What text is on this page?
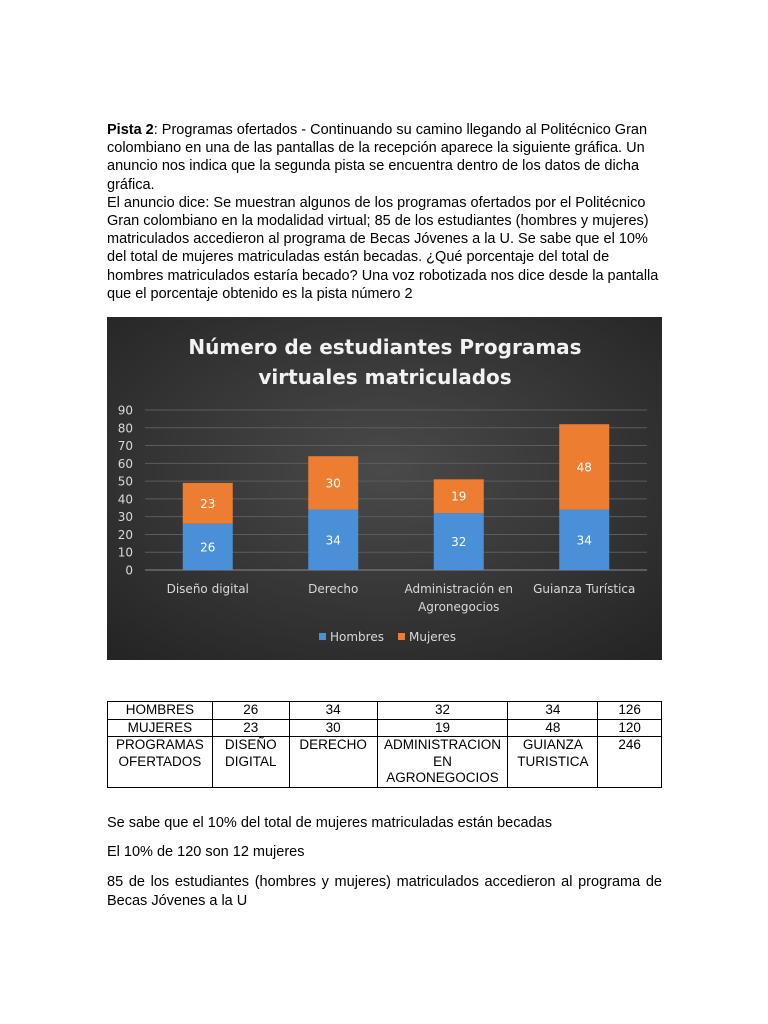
Pista 2: Programas ofertados - Continuando su camino llegando al Politécnico Gran colombiano en una de las pantallas de la recepción aparece la siguiente gráfica. Un anuncio nos indica que la segunda pista se encuentra dentro de los datos de dicha gráfica.

El anuncio dice: Se muestran algunos de los programas ofertados por el Politécnico Gran colombiano en la modalidad virtual; 85 de los estudiantes (hombres y mujeres) matriculados accedieron al programa de Becas Jóvenes a la U. Se sabe que el 10% del total de mujeres matriculadas están becadas. ¿Qué porcentaje del total de hombres matriculados estaría becado? Una voz robotizada nos dice desde la pantalla que el porcentaje obtenido es la pista número 2

Número de estudiantes Programas
virtuales matriculados
0
10
20
30
40
50
60
70
80
90
26
23
34
30
32
19
34
48
Diseño digital	Derecho	Administración en
Agronegocios
Guianza Turística
Hombres Mujeres
HOMBRES	26	34	32	34	126
MUJERES	23	30	19	48	120
PROGRAMAS OFERTADOS	DISEÑO DIGITAL	DERECHO	ADMINISTRACION EN AGRONEGOCIOS	GUIANZA TURISTICA	246

Se sabe que el 10% del total de mujeres matriculadas están becadas

El 10% de 120 son 12 mujeres

85 de los estudiantes (hombres y mujeres) matriculados accedieron al programa de Becas Jóvenes a la U
